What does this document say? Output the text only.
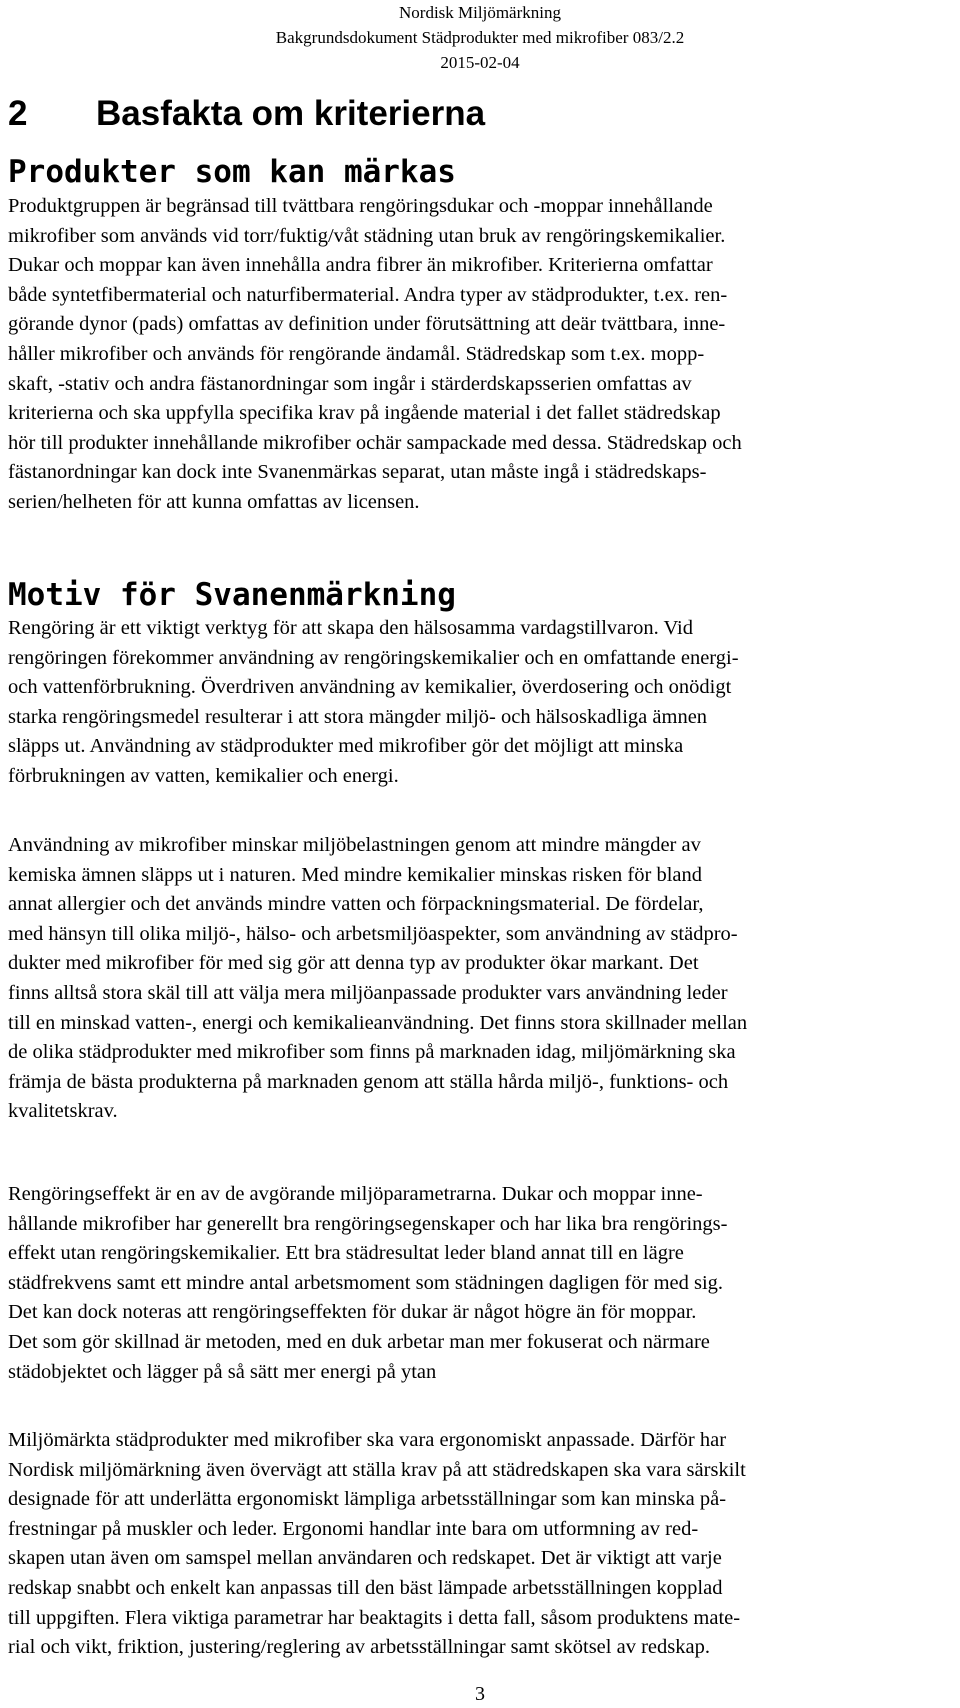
Nordisk Miljömärkning
Bakgrundsdokument Städprodukter med mikrofiber 083/2.2
2015-02-04
2 Basfakta om kriterierna
Produkter som kan märkas

Produktgruppen är begränsad till tvättbara rengöringsdukar och -moppar innehållande
mikrofiber som används vid torr/fuktig/våt städning utan bruk av rengöringskemikalier.
Dukar och moppar kan även innehålla andra fibrer än mikrofiber. Kriterierna omfattar
både syntetfibermaterial och naturfibermaterial. Andra typer av städprodukter, t.ex. ren-
görande dynor (pads) omfattas av definition under förutsättning att deär tvättbara, inne-
håller mikrofiber och används för rengörande ändamål. Städredskap som t.ex. mopp-
skaft, -stativ och andra fästanordningar som ingår i stärderdskapsserien omfattas av
kriterierna och ska uppfylla specifika krav på ingående material i det fallet städredskap
hör till produkter innehållande mikrofiber ochär sampackade med dessa. Städredskap och
fästanordningar kan dock inte Svanenmärkas separat, utan måste ingå i städredskaps-
serien/helheten för att kunna omfattas av licensen.

Motiv för Svanenmärkning

Rengöring är ett viktigt verktyg för att skapa den hälsosamma vardagstillvaron. Vid
rengöringen förekommer användning av rengöringskemikalier och en omfattande energi-
och vattenförbrukning. Överdriven användning av kemikalier, överdosering och onödigt
starka rengöringsmedel resulterar i att stora mängder miljö- och hälsoskadliga ämnen
släpps ut. Användning av städprodukter med mikrofiber gör det möjligt att minska
förbrukningen av vatten, kemikalier och energi.

Användning av mikrofiber minskar miljöbelastningen genom att mindre mängder av
kemiska ämnen släpps ut i naturen. Med mindre kemikalier minskas risken för bland
annat allergier och det används mindre vatten och förpackningsmaterial. De fördelar,
med hänsyn till olika miljö-, hälso- och arbetsmiljöaspekter, som användning av städpro-
dukter med mikrofiber för med sig gör att denna typ av produkter ökar markant. Det
finns alltså stora skäl till att välja mera miljöanpassade produkter vars användning leder
till en minskad vatten-, energi och kemikalieanvändning. Det finns stora skillnader mellan
de olika städprodukter med mikrofiber som finns på marknaden idag, miljömärkning ska
främja de bästa produkterna på marknaden genom att ställa hårda miljö-, funktions- och
kvalitetskrav.

Rengöringseffekt är en av de avgörande miljöparametrarna. Dukar och moppar inne-
hållande mikrofiber har generellt bra rengöringsegenskaper och har lika bra rengörings-
effekt utan rengöringskemikalier. Ett bra städresultat leder bland annat till en lägre
städfrekvens samt ett mindre antal arbetsmoment som städningen dagligen för med sig.
Det kan dock noteras att rengöringseffekten för dukar är något högre än för moppar.
Det som gör skillnad är metoden, med en duk arbetar man mer fokuserat och närmare
städobjektet och lägger på så sätt mer energi på ytan

Miljömärkta städprodukter med mikrofiber ska vara ergonomiskt anpassade. Därför har
Nordisk miljömärkning även övervägt att ställa krav på att städredskapen ska vara särskilt
designade för att underlätta ergonomiskt lämpliga arbetsställningar som kan minska på-
frestningar på muskler och leder. Ergonomi handlar inte bara om utformning av red-
skapen utan även om samspel mellan användaren och redskapet. Det är viktigt att varje
redskap snabbt och enkelt kan anpassas till den bäst lämpade arbetsställningen kopplad
till uppgiften. Flera viktiga parametrar har beaktagits i detta fall, såsom produktens mate-
rial och vikt, friktion, justering/reglering av arbetsställningar samt skötsel av redskap.

3
